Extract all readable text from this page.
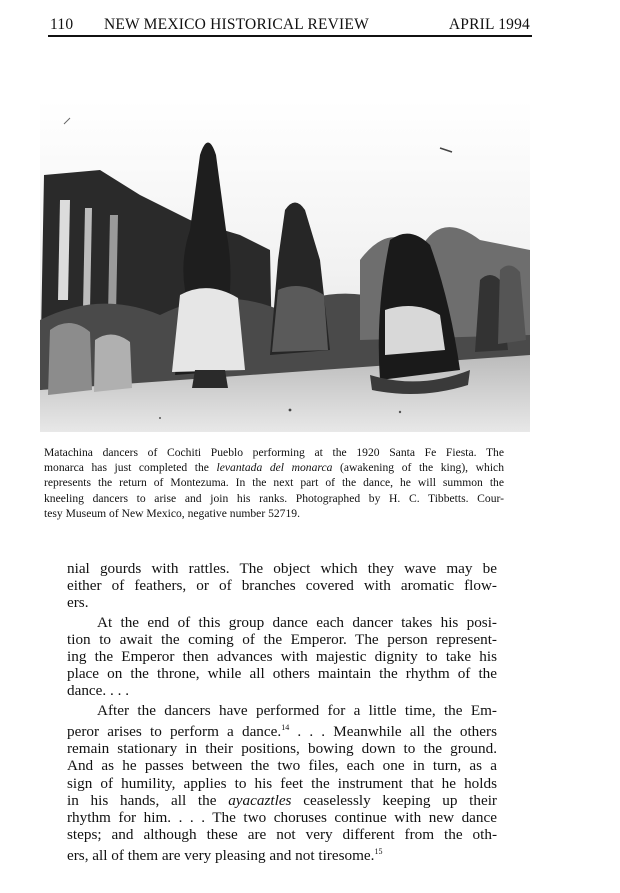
110 NEW MEXICO HISTORICAL REVIEW	APRIL 1994
Matachina dancers of Cochiti Pueblo performing at the 1920 Santa Fe Fiesta. The
monarca has just completed the levantada del monarca (awakening of the king), which
represents the return of Montezuma. In the next part of the dance, he will summon the
kneeling dancers to arise and join his ranks. Photographed by H. C. Tibbetts. Cour-
tesy Museum of New Mexico, negative number 52719.
nial gourds with rattles. The object which they wave may be
either of feathers, or of branches covered with aromatic flow-
ers.
At the end of this group dance each dancer takes his posi-
tion to await the coming of the Emperor. The person represent-
ing the Emperor then advances with majestic dignity to take his
place on the throne, while all others maintain the rhythm of the
dance. . . .
After the dancers have performed for a little time, the Em-
peror arises to perform a dance.$^{14}$ . . . Meanwhile all the others
remain stationary in their positions, bowing down to the ground.
And as he passes between the two files, each one in turn, as a
sign of humility, applies to his feet the instrument that he holds
in his hands, all the ayacaztles ceaselessly keeping up their
rhythm for him. . . . The two choruses continue with new dance
steps; and although these are not very different from the oth-
ers, all of them are very pleasing and not tiresome.$^{15}$
